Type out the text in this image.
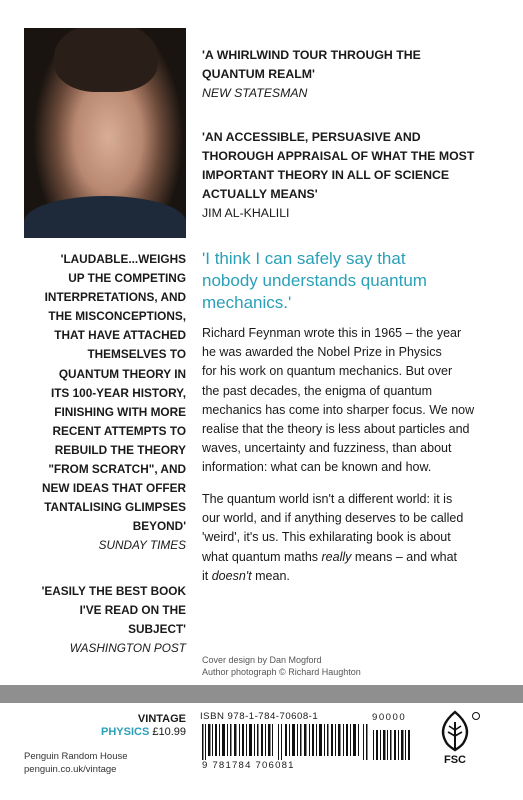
'A WHIRLWIND TOUR THROUGH THE
QUANTUM REALM'
NEW STATESMAN
'AN ACCESSIBLE, PERSUASIVE AND
THOROUGH APPRAISAL OF WHAT THE MOST
IMPORTANT THEORY IN ALL OF SCIENCE
ACTUALLY MEANS'
JIM AL-KHALILI
'LAUDABLE...WEIGHS
UP THE COMPETING
INTERPRETATIONS, AND
THE MISCONCEPTIONS,
THAT HAVE ATTACHED
THEMSELVES TO
QUANTUM THEORY IN
ITS 100-YEAR HISTORY,
FINISHING WITH MORE
RECENT ATTEMPTS TO
REBUILD THE THEORY
"FROM SCRATCH", AND
NEW IDEAS THAT OFFER
TANTALISING GLIMPSES
BEYOND'
SUNDAY TIMES
'EASILY THE BEST BOOK
I'VE READ ON THE
SUBJECT'
WASHINGTON POST
'I think I can safely say that
nobody understands quantum
mechanics.'
Richard Feynman wrote this in 1965 – the year
he was awarded the Nobel Prize in Physics
for his work on quantum mechanics. But over
the past decades, the enigma of quantum
mechanics has come into sharper focus. We now
realise that the theory is less about particles and
waves, uncertainty and fuzziness, than about
information: what can be known and how.
The quantum world isn't a different world: it is
our world, and if anything deserves to be called
'weird', it's us. This exhilarating book is about
what quantum maths really means – and what
it doesn't mean.
Cover design by Dan Mogford
Author photograph © Richard Haughton
VINTAGE
PHYSICS £10.99
Penguin Random House
penguin.co.uk/vintage
ISBN 978-1-784-70608-1	90000
9 781784 706081	FSC
